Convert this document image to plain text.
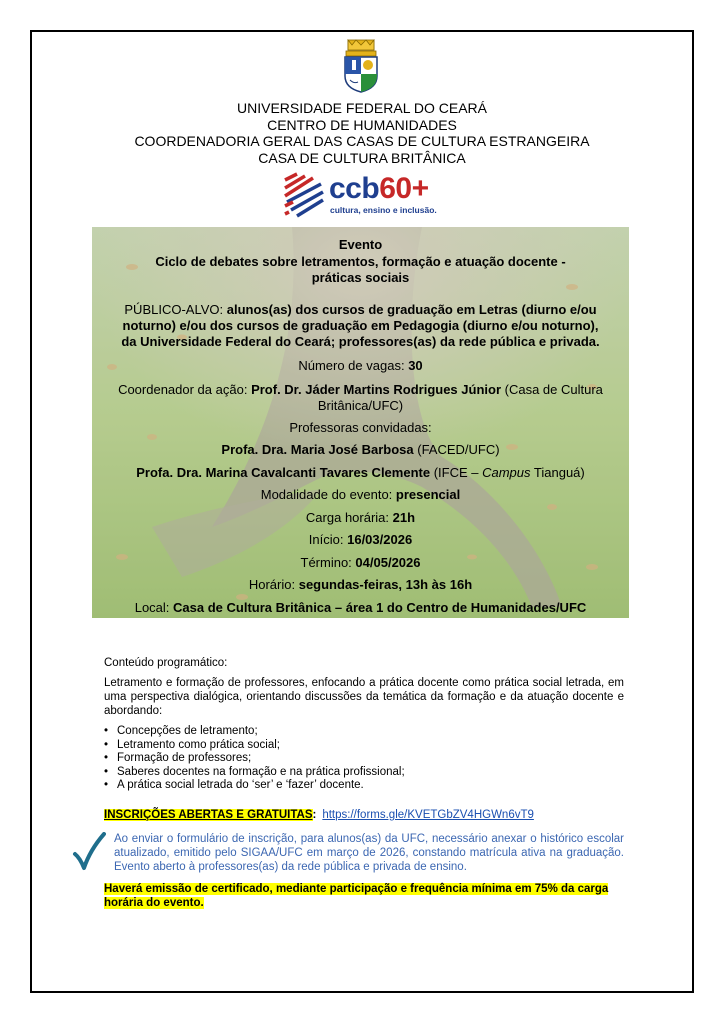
UNIVERSIDADE FEDERAL DO CEARÁ
CENTRO DE HUMANIDADES
COORDENADORIA GERAL DAS CASAS DE CULTURA ESTRANGEIRA
CASA DE CULTURA BRITÂNICA
ccb60+
cultura, ensino e inclusão.
Evento
Ciclo de debates sobre letramentos, formação e atuação docente -
práticas sociais
PÚBLICO-ALVO: alunos(as) dos cursos de graduação em Letras (diurno e/ou
noturno) e/ou dos cursos de graduação em Pedagogia (diurno e/ou noturno),
da Universidade Federal do Ceará; professores(as) da rede pública e privada.
Número de vagas: 30
Coordenador da ação: Prof. Dr. Jáder Martins Rodrigues Júnior (Casa de Cultura
Britânica/UFC)
Professoras convidadas:
Profa. Dra. Maria José Barbosa (FACED/UFC)
Profa. Dra. Marina Cavalcanti Tavares Clemente (IFCE – Campus Tianguá)
Modalidade do evento: presencial
Carga horária: 21h
Início: 16/03/2026
Término: 04/05/2026
Horário: segundas-feiras, 13h às 16h
Local: Casa de Cultura Britânica – área 1 do Centro de Humanidades/UFC
Conteúdo programático:
Letramento e formação de professores, enfocando a prática docente como prática social letrada, em uma perspectiva dialógica, orientando discussões da temática da formação e da atuação docente e abordando:
• Concepções de letramento;
• Letramento como prática social;
• Formação de professores;
• Saberes docentes na formação e na prática profissional;
• A prática social letrada do ‘ser’ e ‘fazer’ docente.
INSCRIÇÕES ABERTAS E GRATUITAS: https://forms.gle/KVETGbZV4HGWn6vT9
Ao enviar o formulário de inscrição, para alunos(as) da UFC, necessário anexar o histórico escolar atualizado, emitido pelo SIGAA/UFC em março de 2026, constando matrícula ativa na graduação. Evento aberto à professores(as) da rede pública e privada de ensino.
Haverá emissão de certificado, mediante participação e frequência mínima em 75% da carga horária do evento.
